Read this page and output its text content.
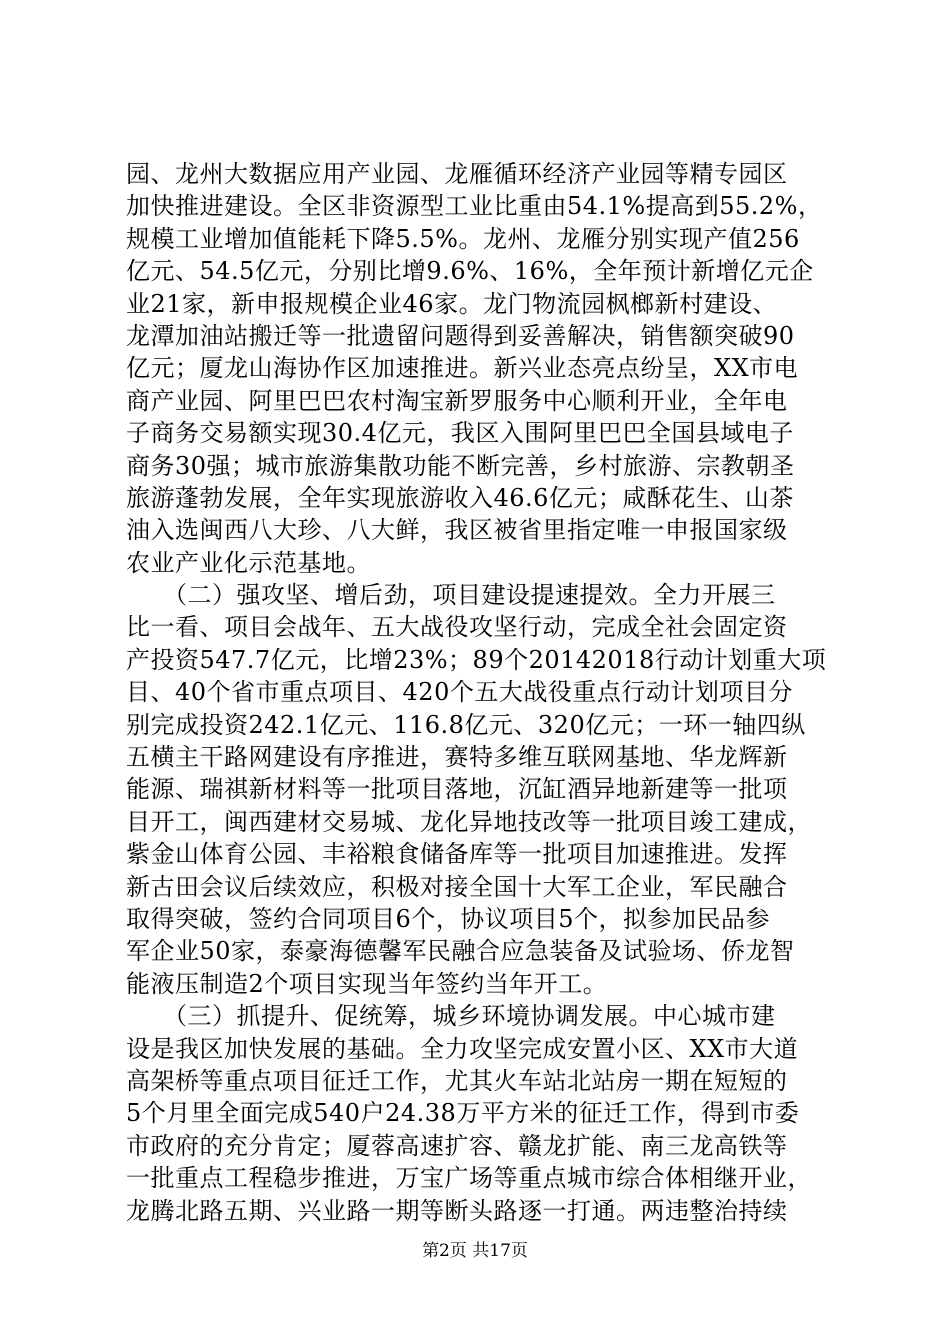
园、龙州大数据应用产业园、龙雁循环经济产业园等精专园区
加快推进建设。全区非资源型工业比重由54.1%提高到55.2%，
规模工业增加值能耗下降5.5%。龙州、龙雁分别实现产值256
亿元、54.5亿元，分别比增9.6%、16%，全年预计新增亿元企
业21家，新申报规模企业46家。龙门物流园枫榔新村建设、
龙潭加油站搬迁等一批遗留问题得到妥善解决，销售额突破90
亿元；厦龙山海协作区加速推进。新兴业态亮点纷呈，XX市电
商产业园、阿里巴巴农村淘宝新罗服务中心顺利开业，全年电
子商务交易额实现30.4亿元，我区入围阿里巴巴全国县域电子
商务30强；城市旅游集散功能不断完善，乡村旅游、宗教朝圣
旅游蓬勃发展，全年实现旅游收入46.6亿元；咸酥花生、山茶
油入选闽西八大珍、八大鲜，我区被省里指定唯一申报国家级
农业产业化示范基地。
　　（二）强攻坚、增后劲，项目建设提速提效。全力开展三
比一看、项目会战年、五大战役攻坚行动，完成全社会固定资
产投资547.7亿元，比增23%；89个20142018行动计划重大项
目、40个省市重点项目、420个五大战役重点行动计划项目分
别完成投资242.1亿元、116.8亿元、320亿元；一环一轴四纵
五横主干路网建设有序推进，赛特多维互联网基地、华龙辉新
能源、瑞祺新材料等一批项目落地，沉缸酒异地新建等一批项
目开工，闽西建材交易城、龙化异地技改等一批项目竣工建成，
紫金山体育公园、丰裕粮食储备库等一批项目加速推进。发挥
新古田会议后续效应，积极对接全国十大军工企业，军民融合
取得突破，签约合同项目6个，协议项目5个，拟参加民品参
军企业50家，泰豪海德馨军民融合应急装备及试验场、侨龙智
能液压制造2个项目实现当年签约当年开工。
　　（三）抓提升、促统筹，城乡环境协调发展。中心城市建
设是我区加快发展的基础。全力攻坚完成安置小区、XX市大道
高架桥等重点项目征迁工作，尤其火车站北站房一期在短短的
5个月里全面完成540户24.38万平方米的征迁工作，得到市委
市政府的充分肯定；厦蓉高速扩容、赣龙扩能、南三龙高铁等
一批重点工程稳步推进，万宝广场等重点城市综合体相继开业，
龙腾北路五期、兴业路一期等断头路逐一打通。两违整治持续
第2页 共17页
